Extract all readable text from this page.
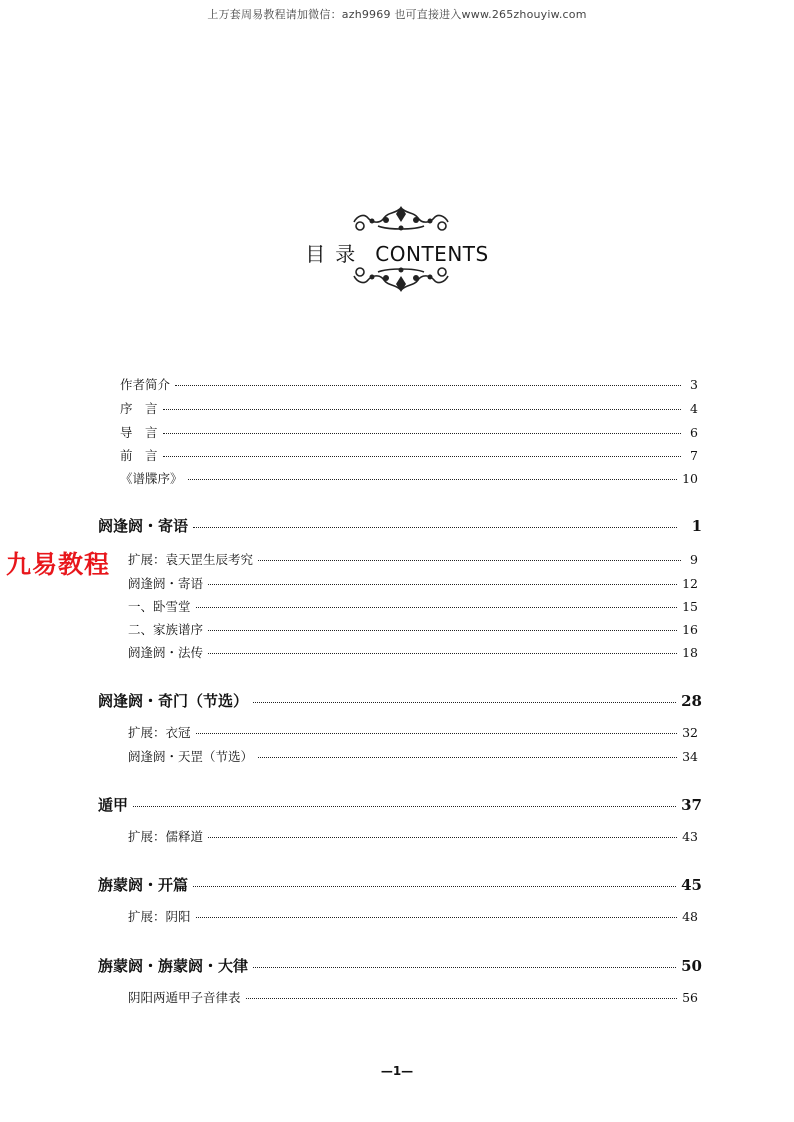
上万套周易教程请加微信：azh9969 也可直接进入www.265zhouyiw.com
目录 CONTENTS
作者简介	3
序　言	4
导　言	6
前　言	7
《谱牒序》	10
阏逢阏・寄语	1
扩展：袁天罡生辰考究	9
阏逢阏・寄语	12
一、卧雪堂	15
二、家族谱序	16
阏逢阏・法传	18
阏逢阏・奇门（节选）	28
扩展：衣冠	32
阏逢阏・天罡（节选）	34
遁甲	37
扩展：儒释道	43
旃蒙阏・开篇	45
扩展：阴阳	48
旃蒙阏・旃蒙阏・大律	50
阴阳两遁甲子音律表	56
九易教程
—1—
